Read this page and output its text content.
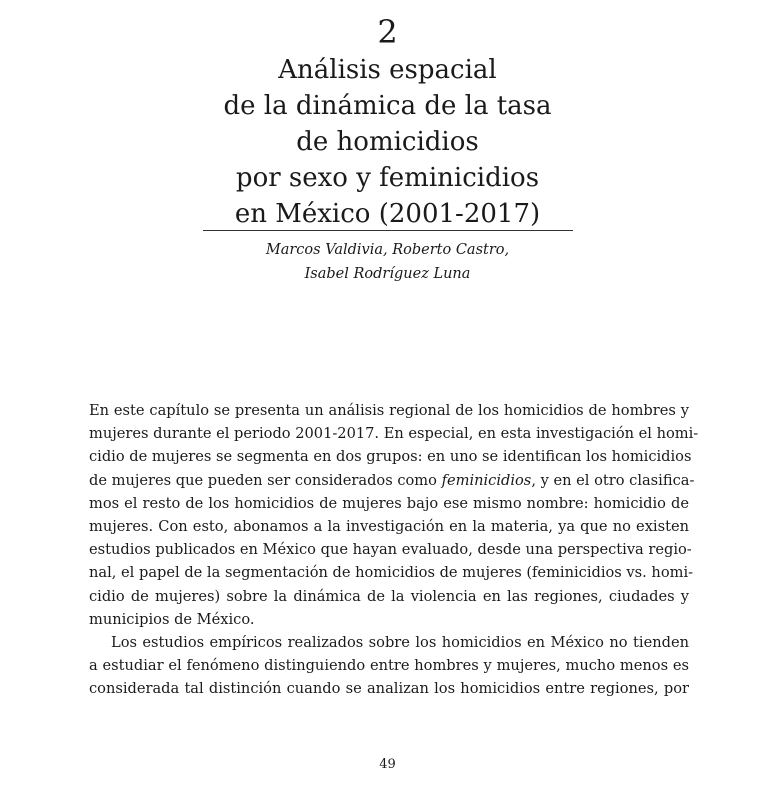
2
Análisis espacial
de la dinámica de la tasa
de homicidios
por sexo y feminicidios
en México (2001-2017)
Marcos Valdivia, Roberto Castro,
Isabel Rodríguez Luna
En este capítulo se presenta un análisis regional de los homicidios de hombres y
mujeres durante el periodo 2001-2017. En especial, en esta investigación el homi-
cidio de mujeres se segmenta en dos grupos: en uno se identifican los homicidios
de mujeres que pueden ser considerados como feminicidios, y en el otro clasifica-
mos el resto de los homicidios de mujeres bajo ese mismo nombre: homicidio de
mujeres. Con esto, abonamos a la investigación en la materia, ya que no existen
estudios publicados en México que hayan evaluado, desde una perspectiva regio-
nal, el papel de la segmentación de homicidios de mujeres (feminicidios vs. homi-
cidio de mujeres) sobre la dinámica de la violencia en las regiones, ciudades y
municipios de México.
Los estudios empíricos realizados sobre los homicidios en México no tienden
a estudiar el fenómeno distinguiendo entre hombres y mujeres, mucho menos es
considerada tal distinción cuando se analizan los homicidios entre regiones, por
49
